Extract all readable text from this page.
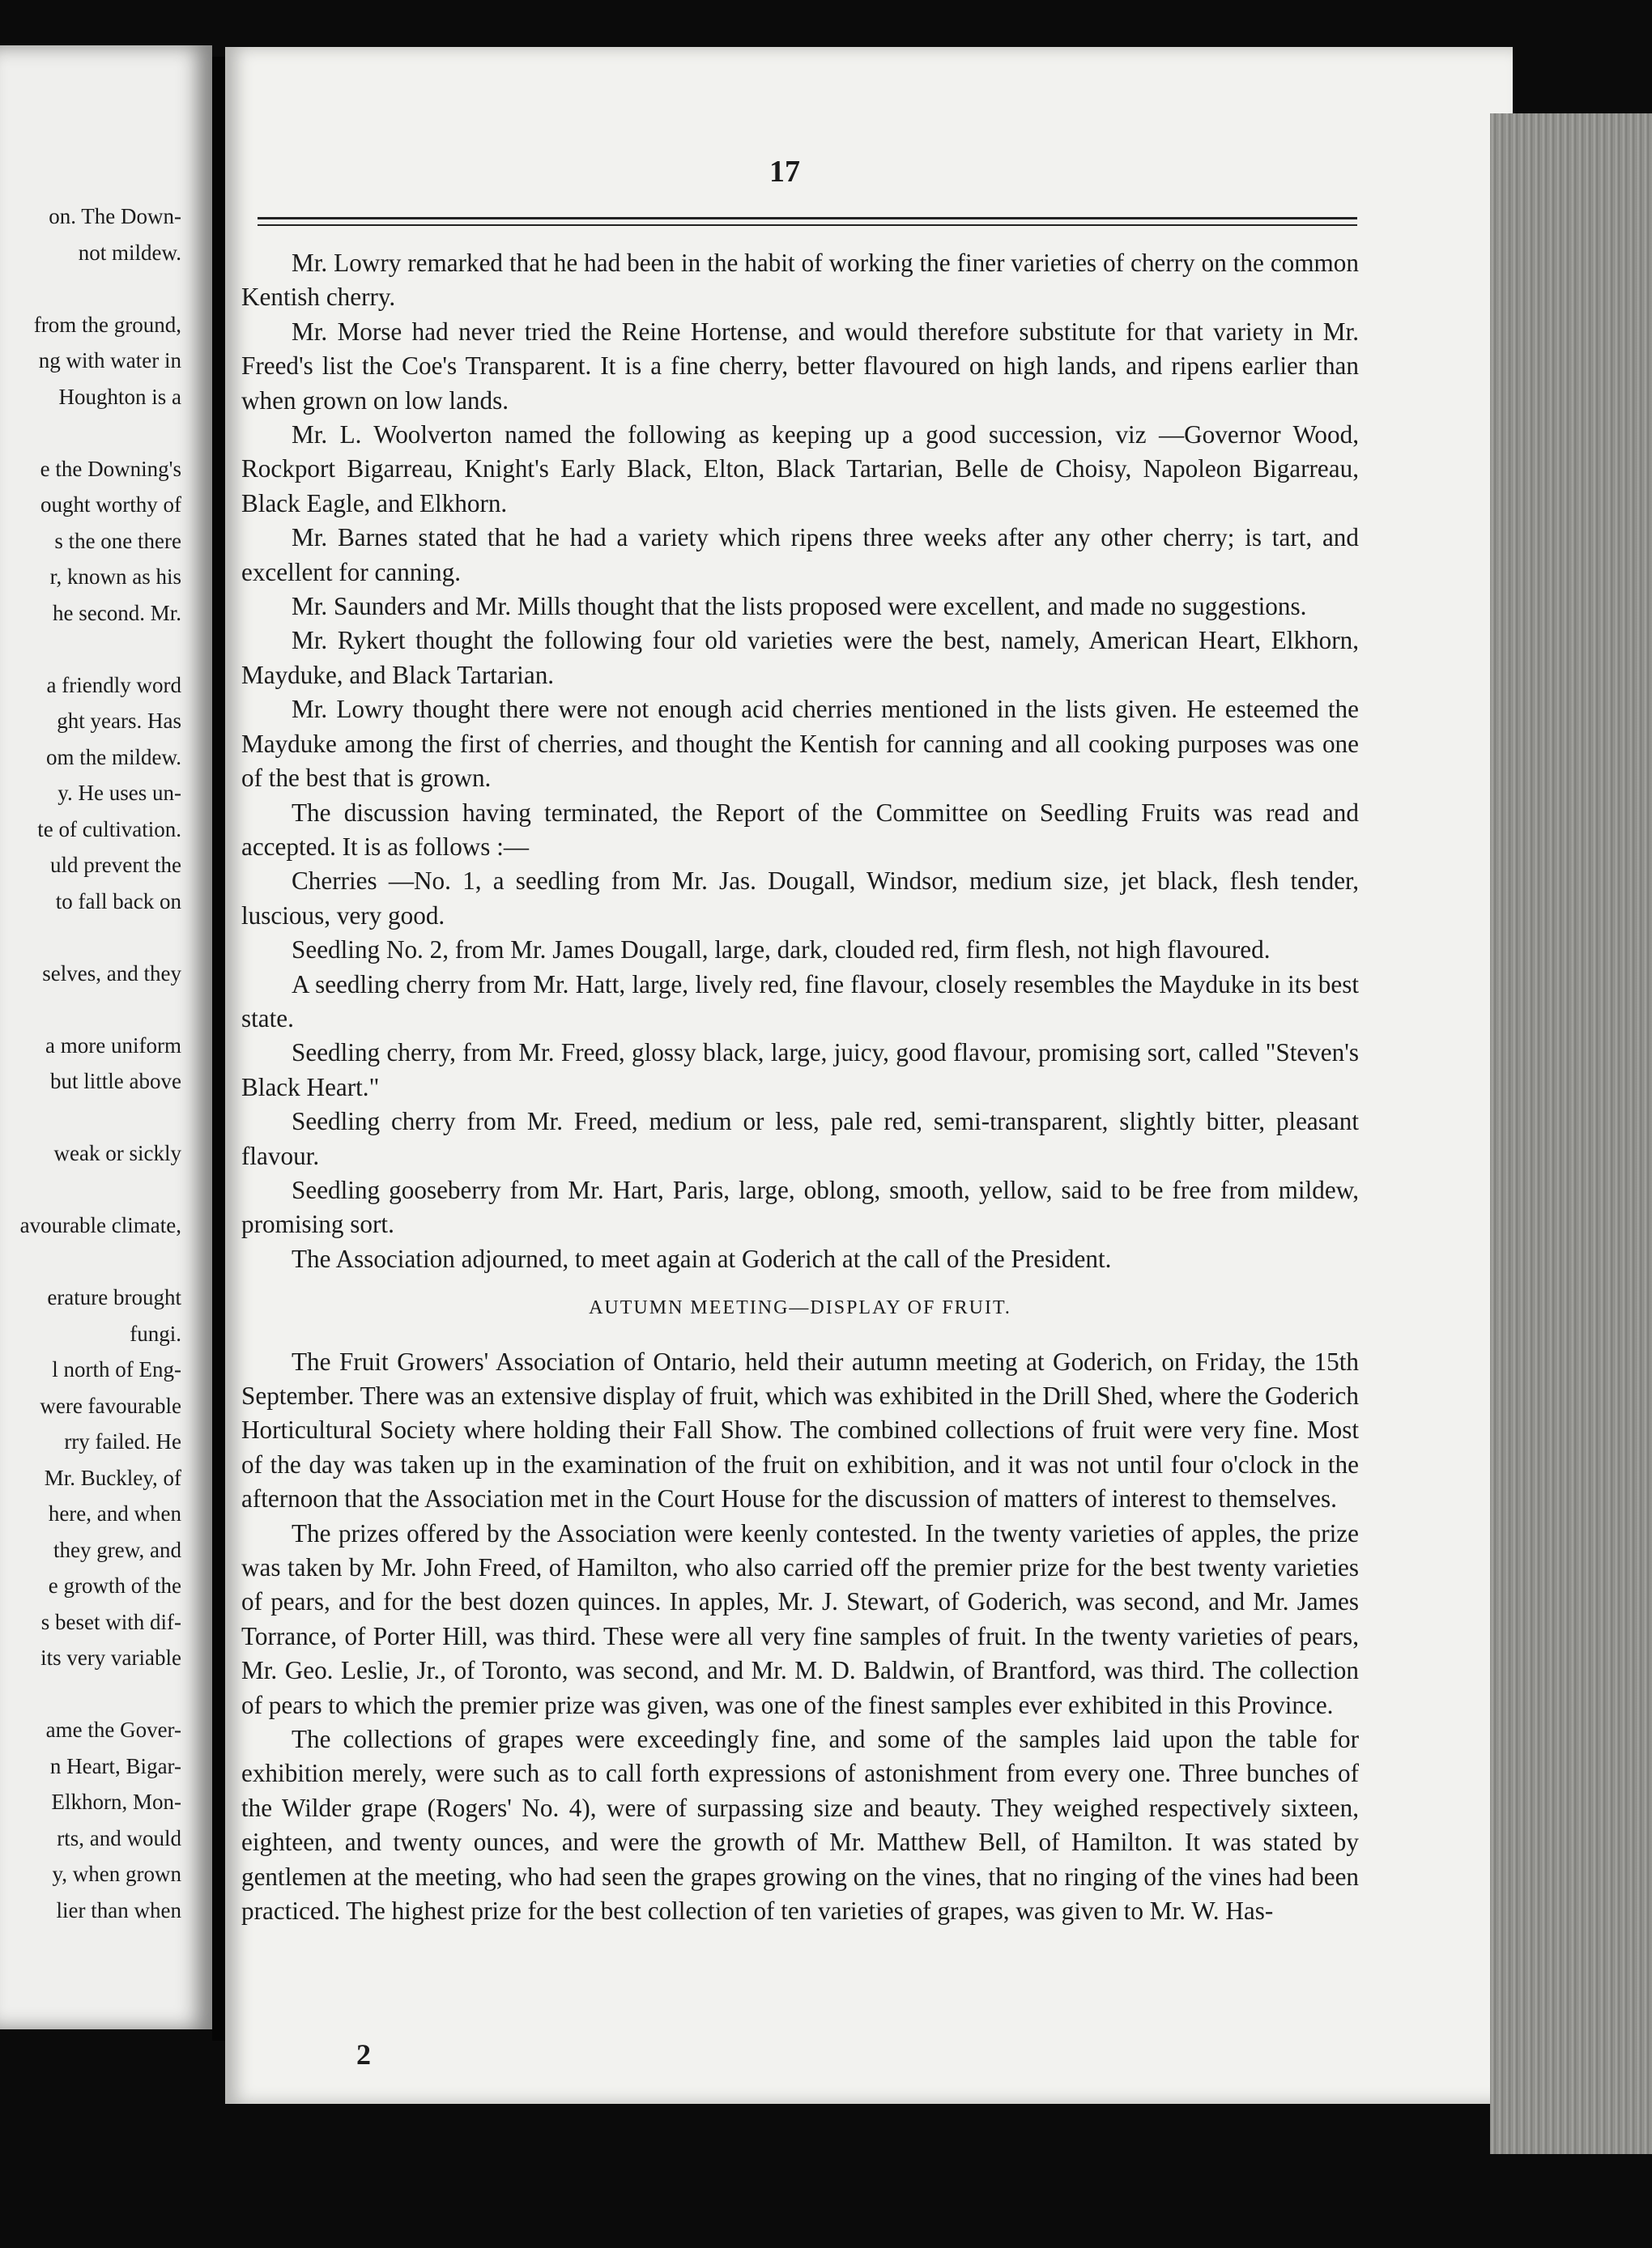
on. The Down-
not mildew.
from the ground,
ng with water in
Houghton is a
e the Downing's
ought worthy of
s the one there
r, known as his
he second. Mr.
a friendly word
ght years. Has
om the mildew.
y. He uses un-
te of cultivation.
uld prevent the
to fall back on
selves, and they
a more uniform
but little above
weak or sickly
avourable climate,
erature brought
fungi.
l north of Eng-
were favourable
rry failed. He
Mr. Buckley, of
here, and when
they grew, and
e growth of the
s beset with dif-
its very variable
ame the Gover-
n Heart, Bigar-
Elkhorn, Mon-
rts, and would
y, when grown
lier than when
17

Mr. Lowry remarked that he had been in the habit of working the finer varieties of cherry on the common Kentish cherry.

Mr. Morse had never tried the Reine Hortense, and would therefore substitute for that variety in Mr. Freed's list the Coe's Transparent. It is a fine cherry, better flavoured on high lands, and ripens earlier than when grown on low lands.

Mr. L. Woolverton named the following as keeping up a good succession, viz —Governor Wood, Rockport Bigarreau, Knight's Early Black, Elton, Black Tartarian, Belle de Choisy, Napoleon Bigarreau, Black Eagle, and Elkhorn.

Mr. Barnes stated that he had a variety which ripens three weeks after any other cherry; is tart, and excellent for canning.

Mr. Saunders and Mr. Mills thought that the lists proposed were excellent, and made no suggestions.

Mr. Rykert thought the following four old varieties were the best, namely, American Heart, Elkhorn, Mayduke, and Black Tartarian.

Mr. Lowry thought there were not enough acid cherries mentioned in the lists given. He esteemed the Mayduke among the first of cherries, and thought the Kentish for canning and all cooking purposes was one of the best that is grown.

The discussion having terminated, the Report of the Committee on Seedling Fruits was read and accepted. It is as follows :—

Cherries —No. 1, a seedling from Mr. Jas. Dougall, Windsor, medium size, jet black, flesh tender, luscious, very good.

Seedling No. 2, from Mr. James Dougall, large, dark, clouded red, firm flesh, not high flavoured.

A seedling cherry from Mr. Hatt, large, lively red, fine flavour, closely resembles the Mayduke in its best state.

Seedling cherry, from Mr. Freed, glossy black, large, juicy, good flavour, promising sort, called "Steven's Black Heart."

Seedling cherry from Mr. Freed, medium or less, pale red, semi-transparent, slightly bitter, pleasant flavour.

Seedling gooseberry from Mr. Hart, Paris, large, oblong, smooth, yellow, said to be free from mildew, promising sort.

The Association adjourned, to meet again at Goderich at the call of the President.

AUTUMN MEETING—DISPLAY OF FRUIT.

The Fruit Growers' Association of Ontario, held their autumn meeting at Goderich, on Friday, the 15th September. There was an extensive display of fruit, which was exhibited in the Drill Shed, where the Goderich Horticultural Society where holding their Fall Show. The combined collections of fruit were very fine. Most of the day was taken up in the examination of the fruit on exhibition, and it was not until four o'clock in the afternoon that the Association met in the Court House for the discussion of matters of interest to themselves.

The prizes offered by the Association were keenly contested. In the twenty varieties of apples, the prize was taken by Mr. John Freed, of Hamilton, who also carried off the premier prize for the best twenty varieties of pears, and for the best dozen quinces. In apples, Mr. J. Stewart, of Goderich, was second, and Mr. James Torrance, of Porter Hill, was third. These were all very fine samples of fruit. In the twenty varieties of pears, Mr. Geo. Leslie, Jr., of Toronto, was second, and Mr. M. D. Baldwin, of Brantford, was third. The collection of pears to which the premier prize was given, was one of the finest samples ever exhibited in this Province.

The collections of grapes were exceedingly fine, and some of the samples laid upon the table for exhibition merely, were such as to call forth expressions of astonishment from every one. Three bunches of the Wilder grape (Rogers' No. 4), were of surpassing size and beauty. They weighed respectively sixteen, eighteen, and twenty ounces, and were the growth of Mr. Matthew Bell, of Hamilton. It was stated by gentlemen at the meeting, who had seen the grapes growing on the vines, that no ringing of the vines had been practiced. The highest prize for the best collection of ten varieties of grapes, was given to Mr. W. Has-

2
